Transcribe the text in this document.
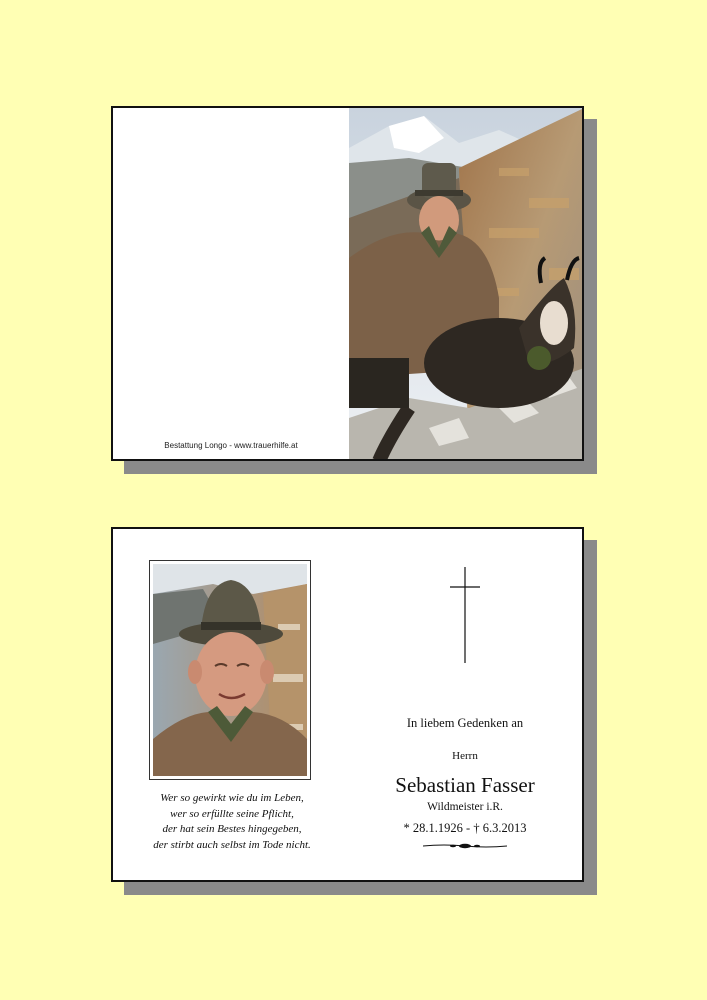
Bestattung Longo - www.trauerhilfe.at
Wer so gewirkt wie du im Leben,
wer so erfüllte seine Pflicht,
der hat sein Bestes hingegeben,
der stirbt auch selbst im Tode nicht.
In liebem Gedenken an
Herrn
Sebastian Fasser
Wildmeister i.R.
* 28.1.1926 - † 6.3.2013
